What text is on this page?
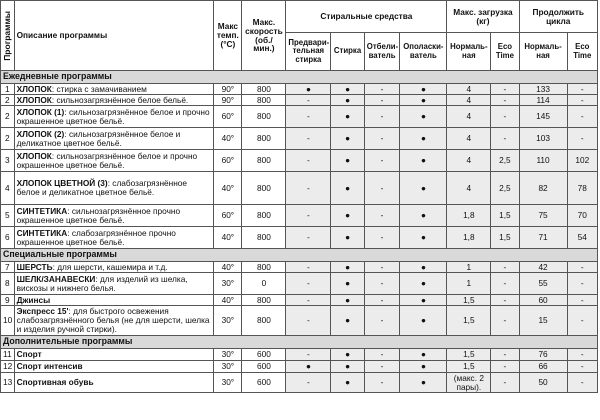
Программы	Описание программы	Макс темп. (°C)	Макс. скорость (об./ мин.)	Стиральные средства				Макс. загрузка (кг)		Продолжить цикла	
				Предвари-тельная стирка	Стирка	Отбели-ватель	Ополаски-ватель	Нормаль-ная	Eco Time	Нормаль-ная	Eco Time
Ежедневные программы											
1	ХЛОПОК: стирка с замачиванием	90°	800	●	●	-	●	4	-	133	-
2	ХЛОПОК: сильнозагрязнённое белое бельё.	90°	800	-	●	-	●	4	-	114	-
2	ХЛОПОК (1): сильнозагрязнённое белое и прочно окрашенное цветное бельё.	60°	800	-	●	-	●	4	-	145	-
2	ХЛОПОК (2): сильнозагрязнённое белое и деликатное цветное бельё.	40°	800	-	●	-	●	4	-	103	-
3	ХЛОПОК: сильнозагрязнённое белое и прочно окрашенное цветное бельё.	60°	800	-	●	-	●	4	2,5	110	102
4	ХЛОПОК ЦВЕТНОЙ (3): слабозагрязнённое белое и деликатное цветное бельё.	40°	800	-	●	-	●	4	2,5	82	78
5	СИНТЕТИКА: сильнозагрязнённое прочно окрашенное цветное бельё.	60°	800	-	●	-	●	1,8	1,5	75	70
6	СИНТЕТИКА: слабозагрязнённое прочно окрашенное цветное бельё.	40°	800	-	●	-	●	1,8	1,5	71	54
Специальные программы											
7	ШЕРСТЬ: для шерсти, кашемира и т.д.	40°	800	-	●	-	●	1	-	42	-
8	ШЕЛК/ЗАНАВЕСКИ: для изделий из шелка, вискозы и нижнего белья.	30°	0	-	●	-	●	1	-	55	-
9	Джинсы	40°	800	-	●	-	●	1,5	-	60	-
10	Экспресс 15': для быстрого освежения слабозагрязнённого белья (не для шерсти, шелка и изделия ручной стирки).	30°	800	-	●	-	●	1,5	-	15	-
Дополнительные программы											
11	Спорт	30°	600	-	●	-	●	1,5	-	76	-
12	Спорт интенсив	30°	600	●	●	-	●	1,5	-	66	-
13	Спортивная обувь	30°	600	-	●	-	●	(макс. 2 пары).	-	50	-
